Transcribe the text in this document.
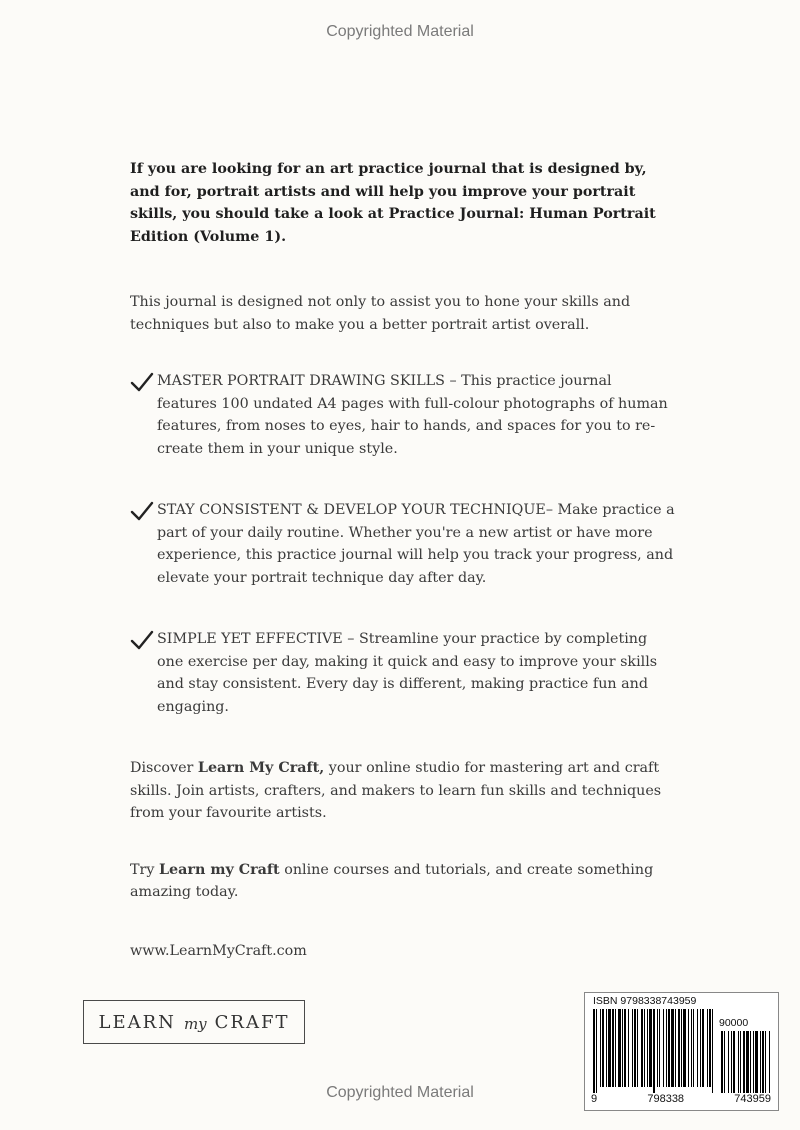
Copyrighted Material

If you are looking for an art practice journal that is designed by, and for, portrait artists and will help you improve your portrait skills, you should take a look at Practice Journal: Human Portrait Edition (Volume 1).

This journal is designed not only to assist you to hone your skills and techniques but also to make you a better portrait artist overall.

MASTER PORTRAIT DRAWING SKILLS – This practice journal features 100 undated A4 pages with full-colour photographs of human features, from noses to eyes, hair to hands, and spaces for you to re-create them in your unique style.
STAY CONSISTENT & DEVELOP YOUR TECHNIQUE– Make practice a part of your daily routine. Whether you're a new artist or have more experience, this practice journal will help you track your progress, and elevate your portrait technique day after day.
SIMPLE YET EFFECTIVE – Streamline your practice by completing one exercise per day, making it quick and easy to improve your skills and stay consistent. Every day is different, making practice fun and engaging.

Discover Learn My Craft, your online studio for mastering art and craft skills. Join artists, crafters, and makers to learn fun skills and techniques from your favourite artists.

Try Learn my Craft online courses and tutorials, and create something amazing today.

www.LearnMyCraft.com

LEARN my CRAFT
ISBN 9798338743959
90000
9	798338	743959
Copyrighted Material
